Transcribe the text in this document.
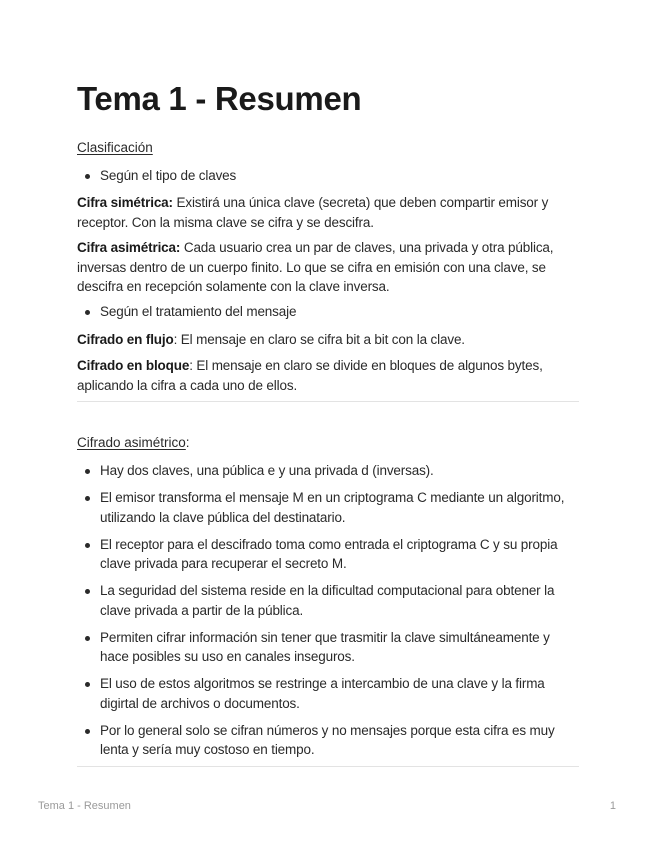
Tema 1 - Resumen
Clasificación
Según el tipo de claves
Cifra simétrica: Existirá una única clave (secreta) que deben compartir emisor y receptor. Con la misma clave se cifra y se descifra.
Cifra asimétrica: Cada usuario crea un par de claves, una privada y otra pública, inversas dentro de un cuerpo finito. Lo que se cifra en emisión con una clave, se descifra en recepción solamente con la clave inversa.
Según el tratamiento del mensaje
Cifrado en flujo: El mensaje en claro se cifra bit a bit con la clave.
Cifrado en bloque: El mensaje en claro se divide en bloques de algunos bytes, aplicando la cifra a cada uno de ellos.
Cifrado asimétrico:
Hay dos claves, una pública e y una privada d (inversas).
El emisor transforma el mensaje M en un criptograma C mediante un algoritmo, utilizando la clave pública del destinatario.
El receptor para el descifrado toma como entrada el criptograma C y su propia clave privada para recuperar el secreto M.
La seguridad del sistema reside en la dificultad computacional para obtener la clave privada a partir de la pública.
Permiten cifrar información sin tener que trasmitir la clave simultáneamente y hace posibles su uso en canales inseguros.
El uso de estos algoritmos se restringe a intercambio de una clave y la firma digirtal de archivos o documentos.
Por lo general solo se cifran números y no mensajes porque esta cifra es muy lenta y sería muy costoso en tiempo.
Tema 1 - Resumen	1
